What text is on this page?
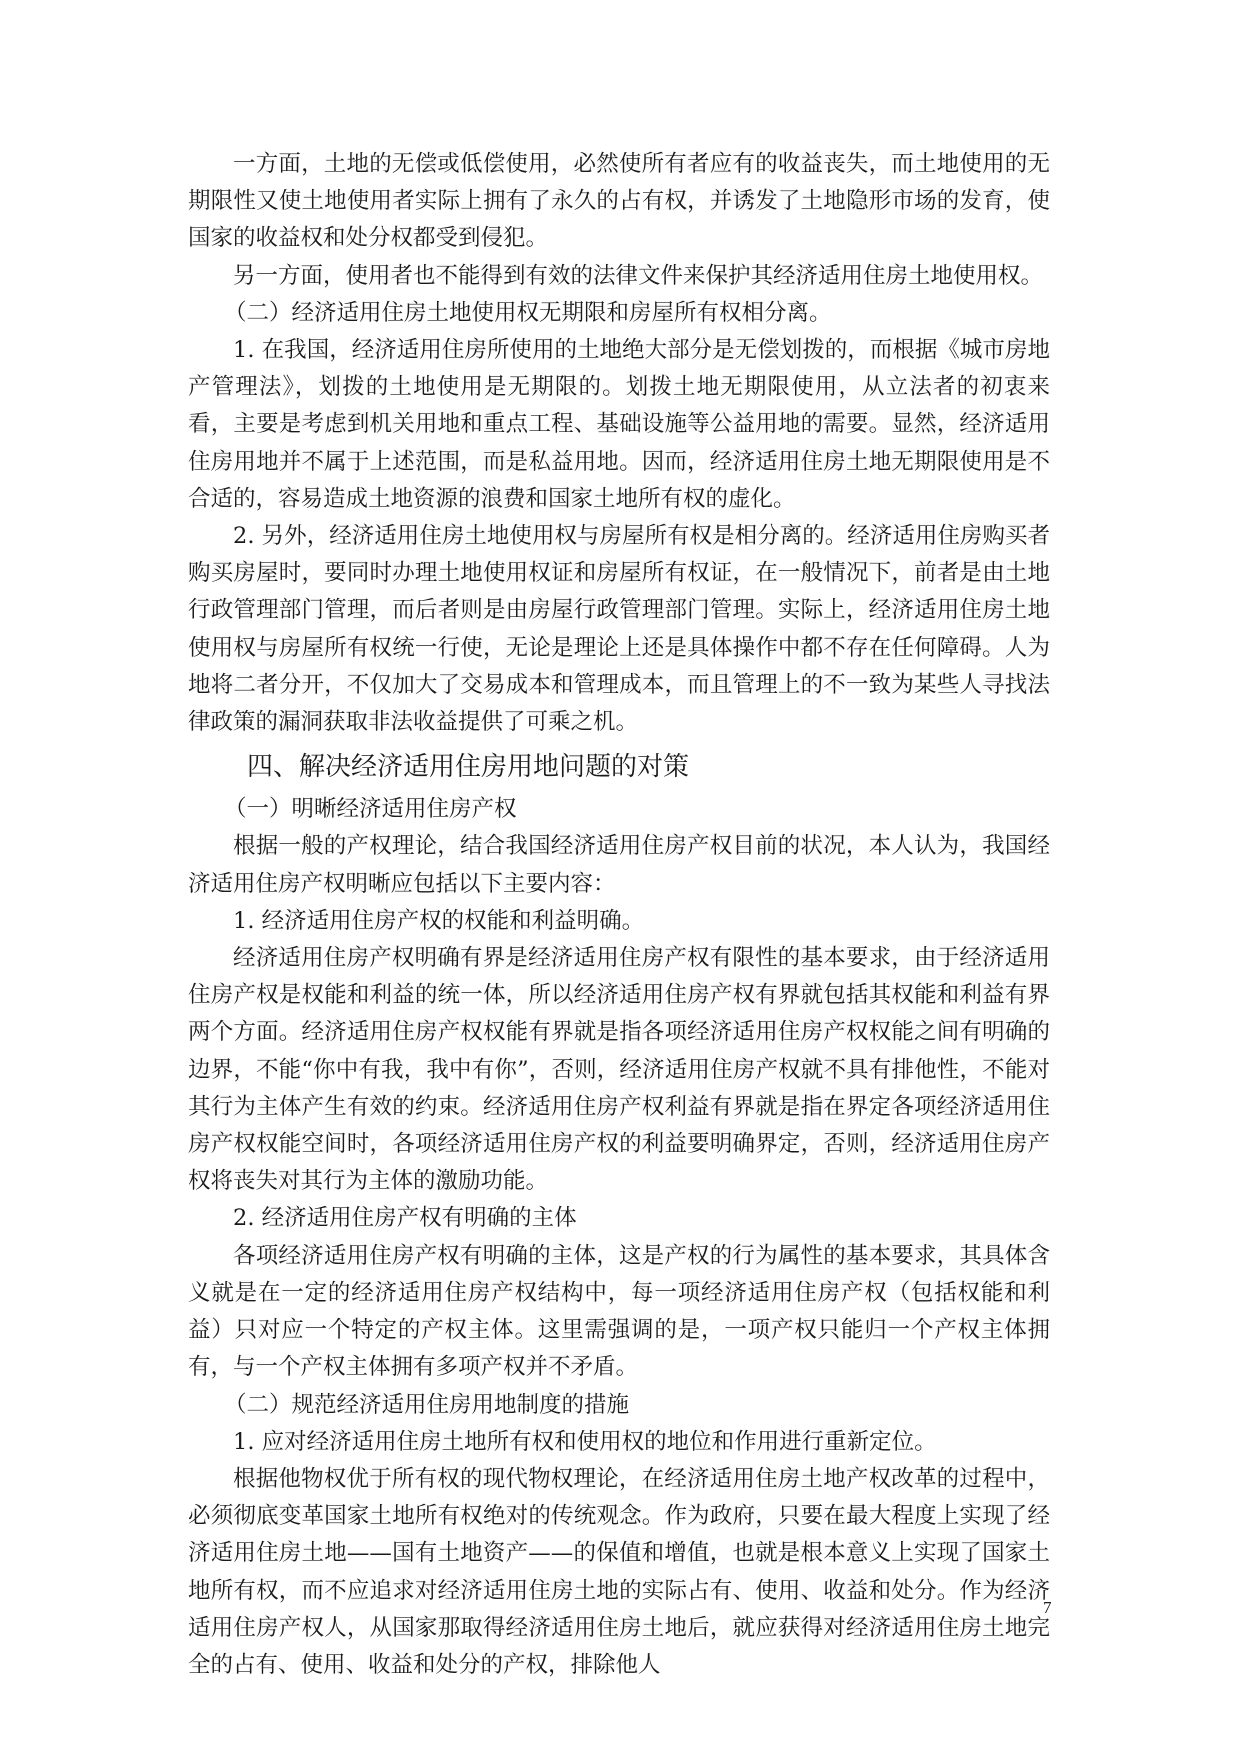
一方面，土地的无偿或低偿使用，必然使所有者应有的收益丧失，而土地使用的无期限性又使土地使用者实际上拥有了永久的占有权，并诱发了土地隐形市场的发育，使国家的收益权和处分权都受到侵犯。

另一方面，使用者也不能得到有效的法律文件来保护其经济适用住房土地使用权。

（二）经济适用住房土地使用权无期限和房屋所有权相分离。

1. 在我国，经济适用住房所使用的土地绝大部分是无偿划拨的，而根据《城市房地产管理法》，划拨的土地使用是无期限的。划拨土地无期限使用，从立法者的初衷来看，主要是考虑到机关用地和重点工程、基础设施等公益用地的需要。显然，经济适用住房用地并不属于上述范围，而是私益用地。因而，经济适用住房土地无期限使用是不合适的，容易造成土地资源的浪费和国家土地所有权的虚化。

2. 另外，经济适用住房土地使用权与房屋所有权是相分离的。经济适用住房购买者购买房屋时，要同时办理土地使用权证和房屋所有权证，在一般情况下，前者是由土地行政管理部门管理，而后者则是由房屋行政管理部门管理。实际上，经济适用住房土地使用权与房屋所有权统一行使，无论是理论上还是具体操作中都不存在任何障碍。人为地将二者分开，不仅加大了交易成本和管理成本，而且管理上的不一致为某些人寻找法律政策的漏洞获取非法收益提供了可乘之机。

四、解决经济适用住房用地问题的对策

（一）明晰经济适用住房产权

根据一般的产权理论，结合我国经济适用住房产权目前的状况，本人认为，我国经济适用住房产权明晰应包括以下主要内容：

1. 经济适用住房产权的权能和利益明确。

经济适用住房产权明确有界是经济适用住房产权有限性的基本要求，由于经济适用住房产权是权能和利益的统一体，所以经济适用住房产权有界就包括其权能和利益有界两个方面。经济适用住房产权权能有界就是指各项经济适用住房产权权能之间有明确的边界，不能“你中有我，我中有你”，否则，经济适用住房产权就不具有排他性，不能对其行为主体产生有效的约束。经济适用住房产权利益有界就是指在界定各项经济适用住房产权权能空间时，各项经济适用住房产权的利益要明确界定，否则，经济适用住房产权将丧失对其行为主体的激励功能。

2. 经济适用住房产权有明确的主体

各项经济适用住房产权有明确的主体，这是产权的行为属性的基本要求，其具体含义就是在一定的经济适用住房产权结构中，每一项经济适用住房产权（包括权能和利益）只对应一个特定的产权主体。这里需强调的是，一项产权只能归一个产权主体拥有，与一个产权主体拥有多项产权并不矛盾。

（二）规范经济适用住房用地制度的措施

1. 应对经济适用住房土地所有权和使用权的地位和作用进行重新定位。

根据他物权优于所有权的现代物权理论，在经济适用住房土地产权改革的过程中，必须彻底变革国家土地所有权绝对的传统观念。作为政府，只要在最大程度上实现了经济适用住房土地——国有土地资产——的保值和增值，也就是根本意义上实现了国家土地所有权，而不应追求对经济适用住房土地的实际占有、使用、收益和处分。作为经济适用住房产权人，从国家那取得经济适用住房土地后，就应获得对经济适用住房土地完全的占有、使用、收益和处分的产权，排除他人

7
